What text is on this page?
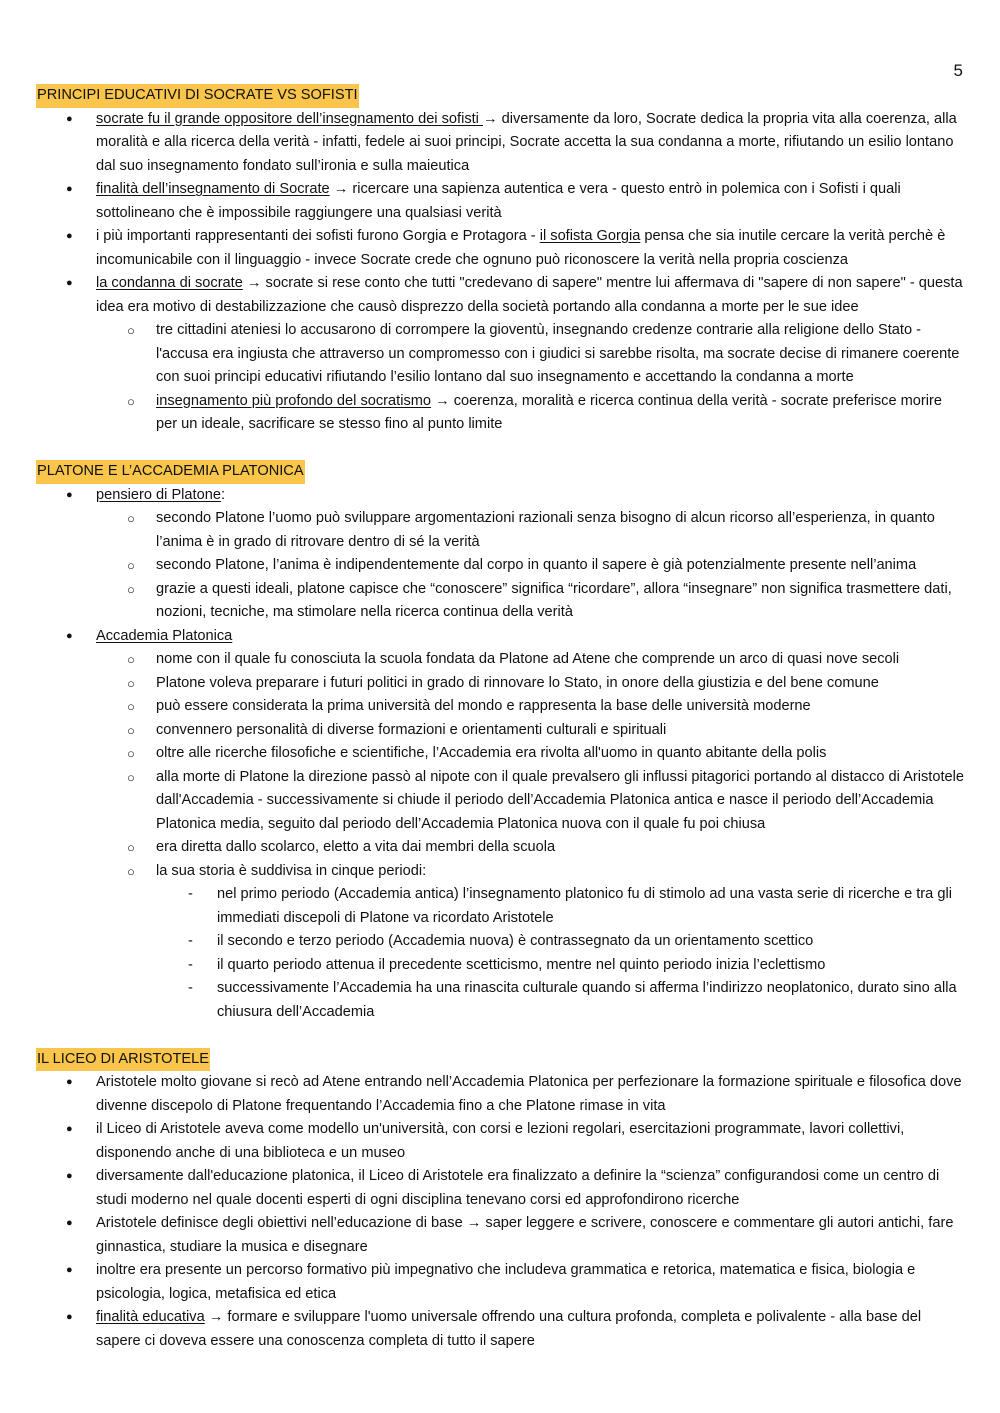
5
PRINCIPI EDUCATIVI DI SOCRATE VS SOFISTI
● socrate fu il grande oppositore dell’insegnamento dei sofisti → diversamente da loro, Socrate dedica la propria vita alla coerenza, alla moralità e alla ricerca della verità - infatti, fedele ai suoi principi, Socrate accetta la sua condanna a morte, rifiutando un esilio lontano dal suo insegnamento fondato sull’ironia e sulla maieutica
● finalità dell’insegnamento di Socrate → ricercare una sapienza autentica e vera - questo entrò in polemica con i Sofisti i quali sottolineano che è impossibile raggiungere una qualsiasi verità
● i più importanti rappresentanti dei sofisti furono Gorgia e Protagora - il sofista Gorgia pensa che sia inutile cercare la verità perchè è incomunicabile con il linguaggio - invece Socrate crede che ognuno può riconoscere la verità nella propria coscienza
● la condanna di socrate → socrate si rese conto che tutti "credevano di sapere" mentre lui affermava di "sapere di non sapere" - questa idea era motivo di destabilizzazione che causò disprezzo della società portando alla condanna a morte per le sue idee
○ tre cittadini ateniesi lo accusarono di corrompere la gioventù, insegnando credenze contrarie alla religione dello Stato - l'accusa era ingiusta che attraverso un compromesso con i giudici si sarebbe risolta, ma socrate decise di rimanere coerente con suoi principi educativi rifiutando l’esilio lontano dal suo insegnamento e accettando la condanna a morte
○ insegnamento più profondo del socratismo → coerenza, moralità e ricerca continua della verità - socrate preferisce morire per un ideale, sacrificare se stesso fino al punto limite
PLATONE E L’ACCADEMIA PLATONICA
● pensiero di Platone:
○ secondo Platone l’uomo può sviluppare argomentazioni razionali senza bisogno di alcun ricorso all’esperienza, in quanto l’anima è in grado di ritrovare dentro di sé la verità
○ secondo Platone, l’anima è indipendentemente dal corpo in quanto il sapere è già potenzialmente presente nell’anima
○ grazie a questi ideali, platone capisce che “conoscere” significa “ricordare”, allora “insegnare” non significa trasmettere dati, nozioni, tecniche, ma stimolare nella ricerca continua della verità
● Accademia Platonica
○ nome con il quale fu conosciuta la scuola fondata da Platone ad Atene che comprende un arco di quasi nove secoli
○ Platone voleva preparare i futuri politici in grado di rinnovare lo Stato, in onore della giustizia e del bene comune
○ può essere considerata la prima università del mondo e rappresenta la base delle università moderne
○ convennero personalità di diverse formazioni e orientamenti culturali e spirituali
○ oltre alle ricerche filosofiche e scientifiche, l’Accademia era rivolta all'uomo in quanto abitante della polis
○ alla morte di Platone la direzione passò al nipote con il quale prevalsero gli influssi pitagorici portando al distacco di Aristotele dall'Accademia - successivamente si chiude il periodo dell’Accademia Platonica antica e nasce il periodo dell’Accademia Platonica media, seguito dal periodo dell’Accademia Platonica nuova con il quale fu poi chiusa
○ era diretta dallo scolarco, eletto a vita dai membri della scuola
○ la sua storia è suddivisa in cinque periodi:
- nel primo periodo (Accademia antica) l’insegnamento platonico fu di stimolo ad una vasta serie di ricerche e tra gli immediati discepoli di Platone va ricordato Aristotele
- il secondo e terzo periodo (Accademia nuova) è contrassegnato da un orientamento scettico
- il quarto periodo attenua il precedente scetticismo, mentre nel quinto periodo inizia l’eclettismo
- successivamente l’Accademia ha una rinascita culturale quando si afferma l’indirizzo neoplatonico, durato sino alla chiusura dell’Accademia
IL LICEO DI ARISTOTELE
● Aristotele molto giovane si recò ad Atene entrando nell’Accademia Platonica per perfezionare la formazione spirituale e filosofica dove divenne discepolo di Platone frequentando l’Accademia fino a che Platone rimase in vita
● il Liceo di Aristotele aveva come modello un'università, con corsi e lezioni regolari, esercitazioni programmate, lavori collettivi, disponendo anche di una biblioteca e un museo
● diversamente dall'educazione platonica, il Liceo di Aristotele era finalizzato a definire la “scienza” configurandosi come un centro di studi moderno nel quale docenti esperti di ogni disciplina tenevano corsi ed approfondirono ricerche
● Aristotele definisce degli obiettivi nell’educazione di base → saper leggere e scrivere, conoscere e commentare gli autori antichi, fare ginnastica, studiare la musica e disegnare
● inoltre era presente un percorso formativo più impegnativo che includeva grammatica e retorica, matematica e fisica, biologia e psicologia, logica, metafisica ed etica
● finalità educativa → formare e sviluppare l'uomo universale offrendo una cultura profonda, completa e polivalente - alla base del sapere ci doveva essere una conoscenza completa di tutto il sapere
